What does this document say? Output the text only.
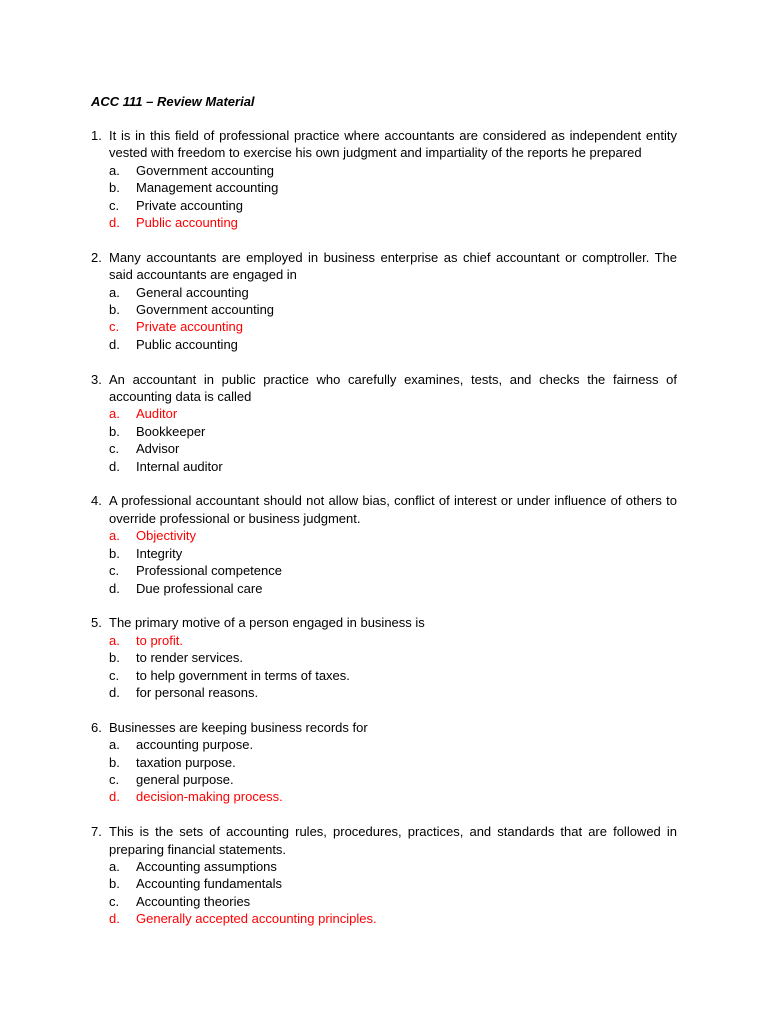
ACC 111 – Review Material
1. It is in this field of professional practice where accountants are considered as independent entity vested with freedom to exercise his own judgment and impartiality of the reports he prepared
a. Government accounting
b. Management accounting
c. Private accounting
d. Public accounting
2. Many accountants are employed in business enterprise as chief accountant or comptroller. The said accountants are engaged in
a. General accounting
b. Government accounting
c. Private accounting
d. Public accounting
3. An accountant in public practice who carefully examines, tests, and checks the fairness of accounting data is called
a. Auditor
b. Bookkeeper
c. Advisor
d. Internal auditor
4. A professional accountant should not allow bias, conflict of interest or under influence of others to override professional or business judgment.
a. Objectivity
b. Integrity
c. Professional competence
d. Due professional care
5. The primary motive of a person engaged in business is
a. to profit.
b. to render services.
c. to help government in terms of taxes.
d. for personal reasons.
6. Businesses are keeping business records for
a. accounting purpose.
b. taxation purpose.
c. general purpose.
d. decision-making process.
7. This is the sets of accounting rules, procedures, practices, and standards that are followed in preparing financial statements.
a. Accounting assumptions
b. Accounting fundamentals
c. Accounting theories
d. Generally accepted accounting principles.
